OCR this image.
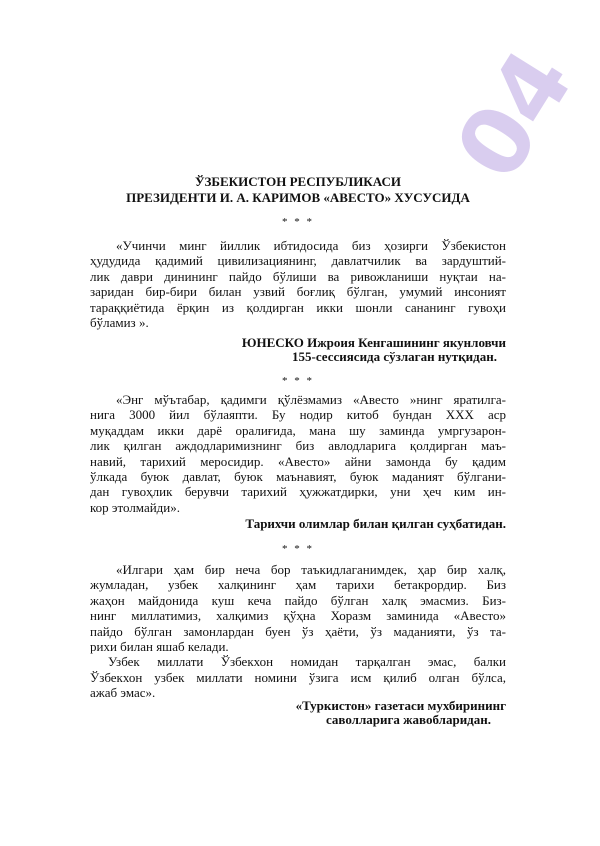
04
ЎЗБЕКИСТОН РЕСПУБЛИКАСИ
ПРЕЗИДЕНТИ И. А. КАРИМОВ «АВЕСТО» ХУСУСИДА
* * *
«Учинчи минг йиллик ибтидосида биз ҳозирги Ўзбекистон
ҳудудида қадимий цивилизациянинг, давлатчилик ва зардуштий-
лик даври динининг пайдо бўлиши ва ривожланиши нуқтаи на-
заридан бир-бири билан узвий боғлиқ бўлган, умумий инсоният
тараққиётида ёрқин из қолдирган икки шонли сананинг гувоҳи
бўламиз ».
ЮНЕСКО Ижроия Кенгашининг якунловчи
155-сессиясида сўзлаган нутқидан.
* * *
«Энг мўътабар, қадимги қўлёзмамиз «Авесто »нинг яратилга-
нига 3000 йил бўлаяпти. Бу нодир китоб бундан ХХХ аср
муқаддам икки дарё оралиғида, мана шу заминда умргузарон-
лик қилган аждодларимизнинг биз авлодларига қолдирган маъ-
навий, тарихий меросидир. «Авесто» айни замонда бу қадим
ўлкада буюк давлат, буюк маънавият, буюк маданият бўлгани-
дан гувоҳлик берувчи тарихий ҳужжатдирки, уни ҳеч ким ин-
кор этолмайди».
Тарихчи олимлар билан қилган суҳбатидан.
* * *
«Илгари ҳам бир неча бор таъкидлаганимдек, ҳар бир халқ,
жумладан, узбек халқининг ҳам тарихи бетакрордир. Биз
жаҳон майдонида куш кеча пайдо бўлган халқ эмасмиз. Биз-
нинг миллатимиз, халқимиз қўҳна Хоразм заминида «Авесто»
пайдо бўлган замонлардан буен ўз ҳаёти, ўз маданияти, ўз та-
рихи билан яшаб келади.
Узбек миллати Ўзбекхон номидан тарқалган эмас, балки
Ўзбекхон узбек миллати номини ўзига исм қилиб олган бўлса,
ажаб эмас».
«Туркистон» газетаси мухбирининг
саволларига жавобларидан.
